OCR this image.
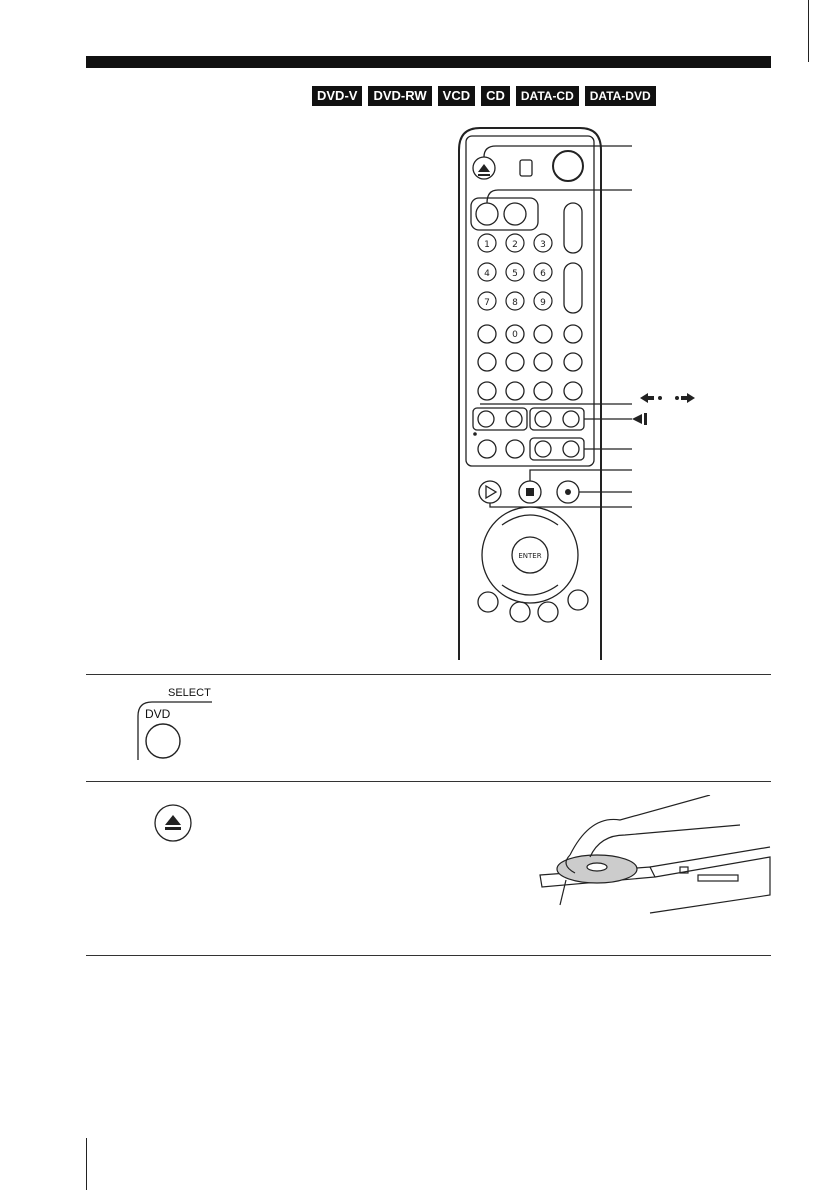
DVD-V	DVD-RW	VCD	CD	DATA-CD	DATA-DVD
1 2 3
4 5 6
7 8 9
0
ENTER
SELECT
DVD
